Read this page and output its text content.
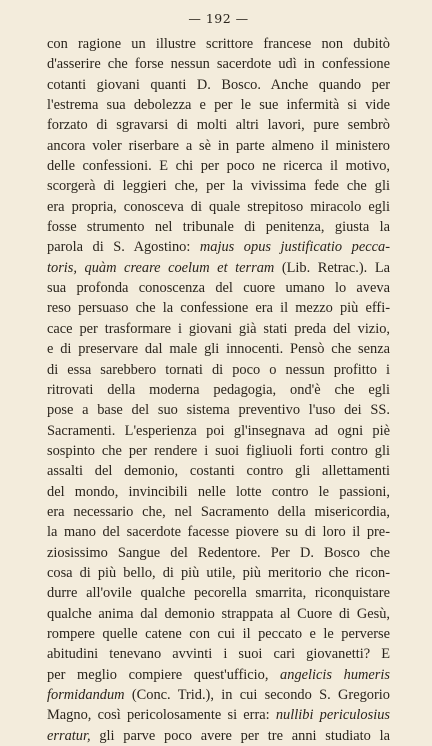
— 192 —
con ragione un illustre scrittore francese non dubitò
d'asserire che forse nessun sacerdote udì in confessione
cotanti giovani quanti D. Bosco. Anche quando per
l'estrema sua debolezza e per le sue infermità si vide
forzato di sgravarsi di molti altri lavori, pure sembrò
ancora voler riserbare a sè in parte almeno il ministero
delle confessioni. E chi per poco ne ricerca il motivo,
scorgerà di leggieri che, per la vivissima fede che gli
era propria, conosceva di quale strepitoso miracolo egli
fosse strumento nel tribunale di penitenza, giusta la
parola di S. Agostino: majus opus justificatio pecca-
toris, quàm creare coelum et terram (Lib. Retrac.). La
sua profonda conoscenza del cuore umano lo aveva
reso persuaso che la confessione era il mezzo più effi-
cace per trasformare i giovani già stati preda del vizio,
e di preservare dal male gli innocenti. Pensò che senza
di essa sarebbero tornati di poco o nessun profitto i
ritrovati della moderna pedagogia, ond'è che egli
pose a base del suo sistema preventivo l'uso dei SS.
Sacramenti. L'esperienza poi gl'insegnava ad ogni piè
sospinto che per rendere i suoi figliuoli forti contro gli
assalti del demonio, costanti contro gli allettamenti
del mondo, invincibili nelle lotte contro le passioni,
era necessario che, nel Sacramento della misericordia,
la mano del sacerdote facesse piovere su di loro il pre-
ziosissimo Sangue del Redentore. Per D. Bosco che
cosa di più bello, di più utile, più meritorio che ricon-
durre all'ovile qualche pecorella smarrita, riconquistare
qualche anima dal demonio strappata al Cuore di Gesù,
rompere quelle catene con cui il peccato e le perverse
abitudini tenevano avvinti i suoi cari giovanetti? E
per meglio compiere quest'ufficio, angelicis humeris
formidandum (Conc. Trid.), in cui secondo S. Gregorio
Magno, così pericolosamente si erra: nullibi periculosius
erratur, gli parve poco avere per tre anni studiato la
